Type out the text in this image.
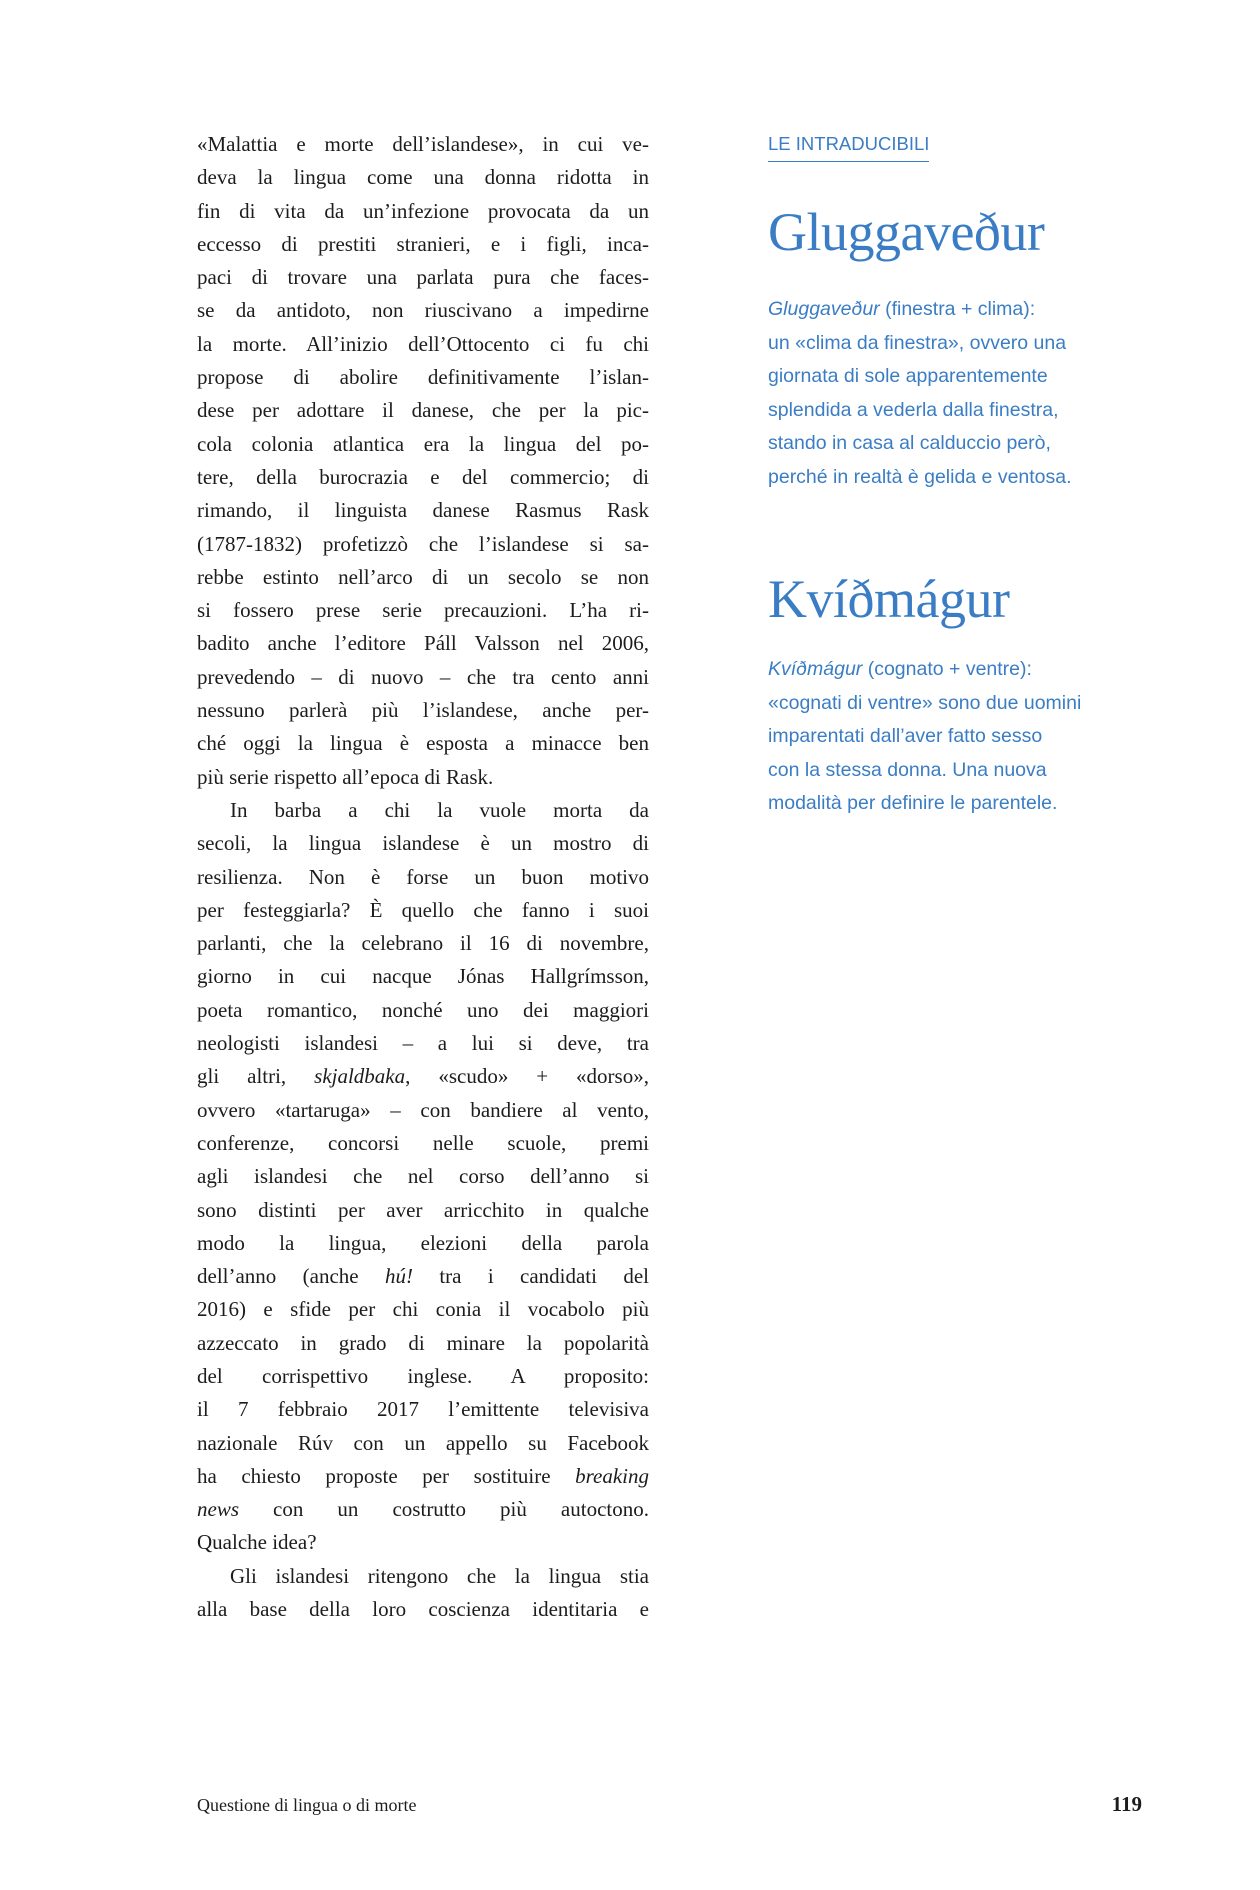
«Malattia e morte dell’islandese», in cui ve-
deva la lingua come una donna ridotta in
fin di vita da un’infezione provocata da un
eccesso di prestiti stranieri, e i figli, inca-
paci di trovare una parlata pura che faces-
se da antidoto, non riuscivano a impedirne
la morte. All’inizio dell’Ottocento ci fu chi
propose di abolire definitivamente l’islan-
dese per adottare il danese, che per la pic-
cola colonia atlantica era la lingua del po-
tere, della burocrazia e del commercio; di
rimando, il linguista danese Rasmus Rask
(1787-1832) profetizzò che l’islandese si sa-
rebbe estinto nell’arco di un secolo se non
si fossero prese serie precauzioni. L’ha ri-
badito anche l’editore Páll Valsson nel 2006,
prevedendo – di nuovo – che tra cento anni
nessuno parlerà più l’islandese, anche per-
ché oggi la lingua è esposta a minacce ben
più serie rispetto all’epoca di Rask.
In barba a chi la vuole morta da
secoli, la lingua islandese è un mostro di
resilienza. Non è forse un buon motivo
per festeggiarla? È quello che fanno i suoi
parlanti, che la celebrano il 16 di novembre,
giorno in cui nacque Jónas Hallgrímsson,
poeta romantico, nonché uno dei maggiori
neologisti islandesi – a lui si deve, tra
gli altri, skjaldbaka, «scudo» + «dorso»,
ovvero «tartaruga» – con bandiere al vento,
conferenze, concorsi nelle scuole, premi
agli islandesi che nel corso dell’anno si
sono distinti per aver arricchito in qualche
modo la lingua, elezioni della parola
dell’anno (anche hú! tra i candidati del
2016) e sfide per chi conia il vocabolo più
azzeccato in grado di minare la popolarità
del corrispettivo inglese. A proposito:
il 7 febbraio 2017 l’emittente televisiva
nazionale Rúv con un appello su Facebook
ha chiesto proposte per sostituire breaking
news con un costrutto più autoctono.
Qualche idea?
Gli islandesi ritengono che la lingua stia
alla base della loro coscienza identitaria e
LE INTRADUCIBILI
Gluggaveður
Gluggaveður (finestra + clima):
un «clima da finestra», ovvero una
giornata di sole apparentemente
splendida a vederla dalla finestra,
stando in casa al calduccio però,
perché in realtà è gelida e ventosa.
Kvíðmágur
Kvíðmágur (cognato + ventre):
«cognati di ventre» sono due uomini
imparentati dall’aver fatto sesso
con la stessa donna. Una nuova
modalità per definire le parentele.
Questione di lingua o di morte	119
